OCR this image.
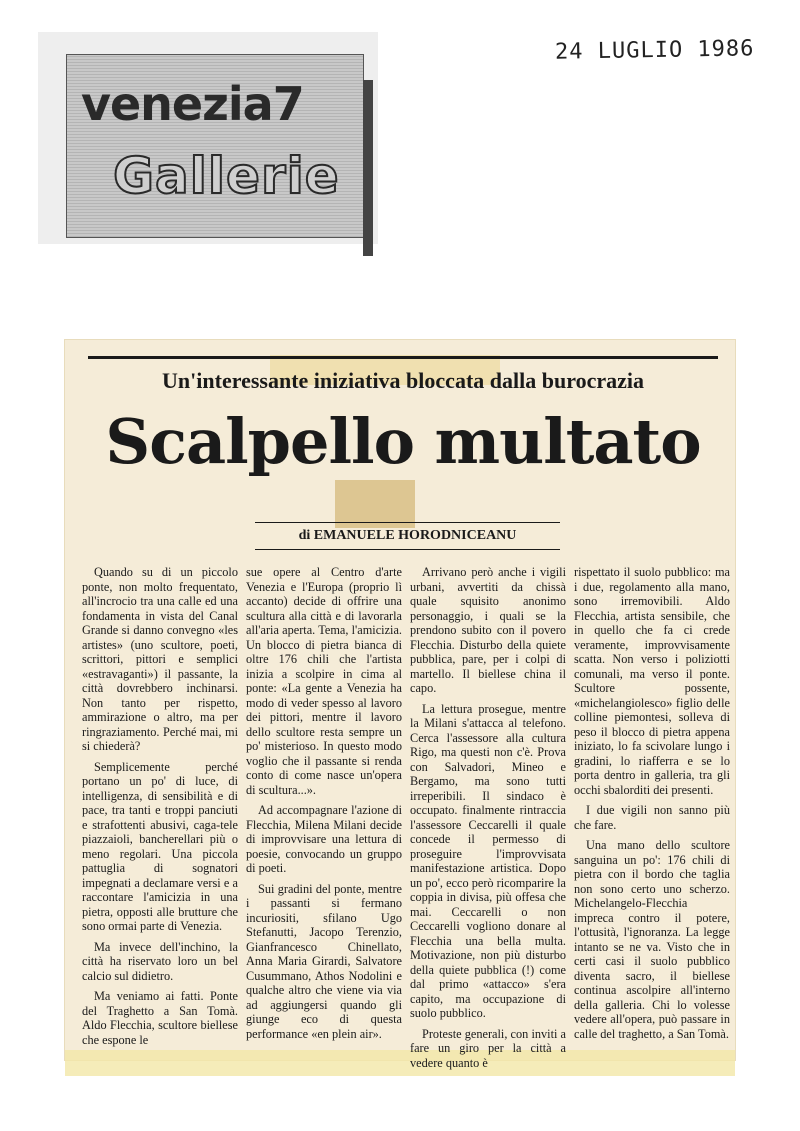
24 LUGLIO 1986
venezia7
Gallerie

Un'interessante iniziativa bloccata dalla burocrazia
Scalpello multato
di EMANUELE HORODNICEANU

Quando su di un piccolo ponte, non molto frequentato, all'incrocio tra una calle ed una fondamenta in vista del Canal Grande si danno convegno «les artistes» (uno scultore, poeti, scrittori, pittori e semplici «estravaganti») il passante, la città dovrebbero inchinarsi. Non tanto per rispetto, ammirazione o altro, ma per ringraziamento. Perché mai, mi si chiederà?

Semplicemente perché portano un po' di luce, di intelligenza, di sensibilità e di pace, tra tanti e troppi panciuti e strafottenti abusivi, caga-tele piazzaioli, bancherellari più o meno regolari. Una piccola pattuglia di sognatori impegnati a declamare versi e a raccontare l'amicizia in una pietra, opposti alle brutture che sono ormai parte di Venezia.

Ma invece dell'inchino, la città ha riservato loro un bel calcio sul didietro.

Ma veniamo ai fatti. Ponte del Traghetto a San Tomà. Aldo Flecchia, scultore biellese che espone le

sue opere al Centro d'arte Venezia e l'Europa (proprio lì accanto) decide di offrire una scultura alla città e di lavorarla all'aria aperta. Tema, l'amicizia. Un blocco di pietra bianca di oltre 176 chili che l'artista inizia a scolpire in cima al ponte: «La gente a Venezia ha modo di veder spesso al lavoro dei pittori, mentre il lavoro dello scultore resta sempre un po' misterioso. In questo modo voglio che il passante si renda conto di come nasce un'opera di scultura...».

Ad accompagnare l'azione di Flecchia, Milena Milani decide di improvvisare una lettura di poesie, convocando un gruppo di poeti.

Sui gradini del ponte, mentre i passanti si fermano incuriositi, sfilano Ugo Stefanutti, Jacopo Terenzio, Gianfrancesco Chinellato, Anna Maria Girardi, Salvatore Cusummano, Athos Nodolini e qualche altro che viene via via ad aggiungersi quando gli giunge eco di questa performance «en plein air».

Arrivano però anche i vigili urbani, avvertiti da chissà quale squisito anonimo personaggio, i quali se la prendono subito con il povero Flecchia. Disturbo della quiete pubblica, pare, per i colpi di martello. Il biellese china il capo.

La lettura prosegue, mentre la Milani s'attacca al telefono. Cerca l'assessore alla cultura Rigo, ma questi non c'è. Prova con Salvadori, Mineo e Bergamo, ma sono tutti irreperibili. Il sindaco è occupato. finalmente rintraccia l'assessore Ceccarelli il quale concede il permesso di proseguire l'improvvisata manifestazione artistica. Dopo un po', ecco però ricomparire la coppia in divisa, più offesa che mai. Ceccarelli o non Ceccarelli vogliono donare al Flecchia una bella multa. Motivazione, non più disturbo della quiete pubblica (!) come dal primo «attacco» s'era capito, ma occupazione di suolo pubblico.

Proteste generali, con inviti a fare un giro per la città a vedere quanto è

rispettato il suolo pubblico: ma i due, regolamento alla mano, sono irremovibili. Aldo Flecchia, artista sensibile, che in quello che fa ci crede veramente, improvvisamente scatta. Non verso i poliziotti comunali, ma verso il ponte. Scultore possente, «michelangiolesco» figlio delle colline piemontesi, solleva di peso il blocco di pietra appena iniziato, lo fa scivolare lungo i gradini, lo riafferra e se lo porta dentro in galleria, tra gli occhi sbalorditi dei presenti.

I due vigili non sanno più che fare.

Una mano dello scultore sanguina un po': 176 chili di pietra con il bordo che taglia non sono certo uno scherzo. Michelangelo-Flecchia impreca contro il potere, l'ottusità, l'ignoranza. La legge intanto se ne va. Visto che in certi casi il suolo pubblico diventa sacro, il biellese continua ascolpire all'interno della galleria. Chi lo volesse vedere all'opera, può passare in calle del traghetto, a San Tomà.
